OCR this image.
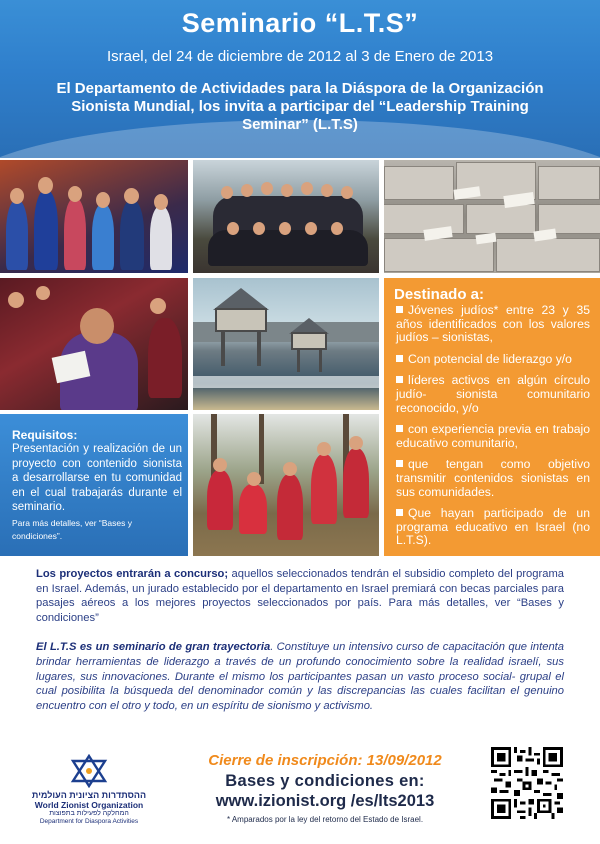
Seminario “L.T.S”
Israel, del 24 de diciembre de 2012 al 3 de Enero de 2013
El Departamento de Actividades para la Diáspora de la Organización Sionista Mundial, los invita a participar del “Leadership Training Seminar” (L.T.S)
Requisitos:
Presentación y realización de un proyecto con contenido sionista a desarrollarse en tu comunidad en el cual trabajarás durante el seminario.
Para más detalles, ver “Bases y condiciones”.
Destinado a:
Jóvenes judíos* entre 23 y 35 años identificados con los valores judíos – sionistas,
Con potencial de liderazgo y/o
líderes activos en algún círculo judío- sionista comunitario reconocido, y/o
con experiencia previa en trabajo educativo comunitario,
que tengan como objetivo transmitir contenidos sionistas en sus comunidades.
Que hayan participado de un programa educativo en Israel (no L.T.S).
Los proyectos entrarán a concurso; aquellos seleccionados tendrán el subsidio completo del programa en Israel. Además, un jurado establecido por el departamento en Israel premiará con becas parciales para pasajes aéreos a los mejores proyectos seleccionados por país. Para más detalles, ver “Bases y condiciones”
El L.T.S es un seminario de gran trayectoria. Constituye un intensivo curso de capacitación que intenta brindar herramientas de liderazgo a través de un profundo conocimiento sobre la realidad israelí, sus lugares, sus innovaciones. Durante el mismo los participantes pasan un vasto proceso social- grupal el cual posibilita la búsqueda del denominador común y las discrepancias las cuales facilitan el genuino encuentro con el otro y todo, en un espíritu de sionismo y activismo.
ההסתדרות הציונית העולמית
World Zionist Organization
המחלקה לפעילות בתפוצות
Department for Diaspora Activities
Cierre de inscripción: 13/09/2012
Bases y condiciones en:
www.izionist.org /es/lts2013
* Amparados por la ley del retorno del Estado de Israel.
